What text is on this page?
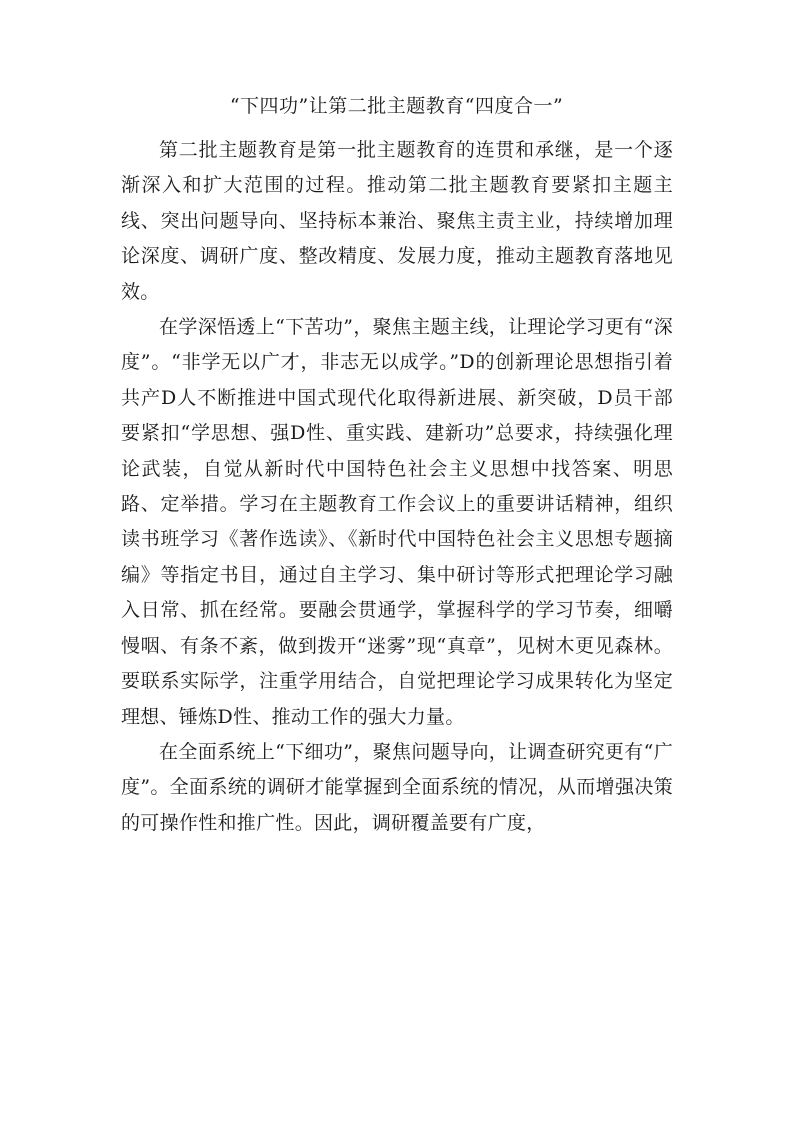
“下四功”让第二批主题教育“四度合一”

第二批主题教育是第一批主题教育的连贯和承继，是一个逐渐深入和扩大范围的过程。推动第二批主题教育要紧扣主题主线、突出问题导向、坚持标本兼治、聚焦主责主业，持续增加理论深度、调研广度、整改精度、发展力度，推动主题教育落地见效。

在学深悟透上“下苦功”，聚焦主题主线，让理论学习更有“深度”。“非学无以广才，非志无以成学。”D的创新理论思想指引着共产D人不断推进中国式现代化取得新进展、新突破，D员干部要紧扣“学思想、强D性、重实践、建新功”总要求，持续强化理论武装，自觉从新时代中国特色社会主义思想中找答案、明思路、定举措。学习在主题教育工作会议上的重要讲话精神，组织读书班学习《著作选读》、《新时代中国特色社会主义思想专题摘编》等指定书目，通过自主学习、集中研讨等形式把理论学习融入日常、抓在经常。要融会贯通学，掌握科学的学习节奏，细嚼慢咽、有条不紊，做到拨开“迷雾”现“真章”，见树木更见森林。要联系实际学，注重学用结合，自觉把理论学习成果转化为坚定理想、锤炼D性、推动工作的强大力量。

在全面系统上“下细功”，聚焦问题导向，让调查研究更有“广度”。全面系统的调研才能掌握到全面系统的情况，从而增强决策的可操作性和推广性。因此，调研覆盖要有广度，
